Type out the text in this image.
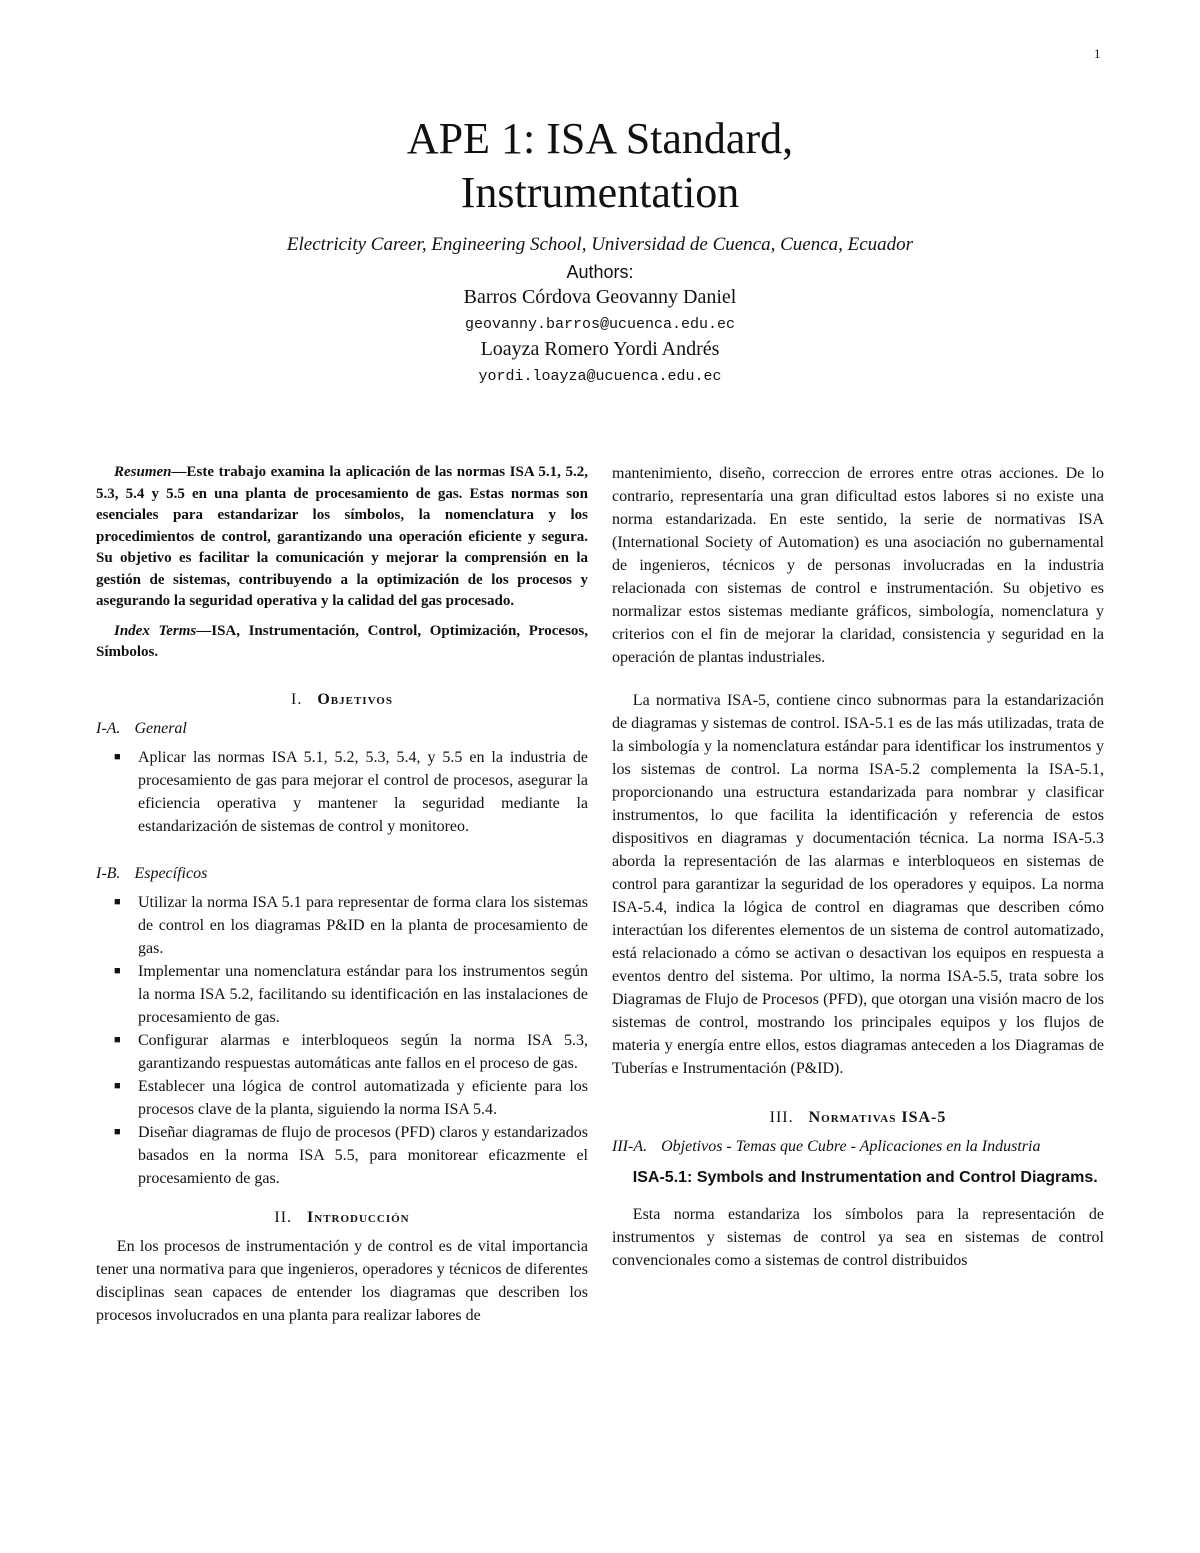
1
APE 1: ISA Standard,
Instrumentation
Electricity Career, Engineering School, Universidad de Cuenca, Cuenca, Ecuador
Authors:
Barros Córdova Geovanny Daniel
geovanny.barros@ucuenca.edu.ec
Loayza Romero Yordi Andrés
yordi.loayza@ucuenca.edu.ec

Resumen—Este trabajo examina la aplicación de las normas ISA 5.1, 5.2, 5.3, 5.4 y 5.5 en una planta de procesamiento de gas. Estas normas son esenciales para estandarizar los símbolos, la nomenclatura y los procedimientos de control, garantizando una operación eficiente y segura. Su objetivo es facilitar la comunicación y mejorar la comprensión en la gestión de sistemas, contribuyendo a la optimización de los procesos y asegurando la seguridad operativa y la calidad del gas procesado.

Index Terms—ISA, Instrumentación, Control, Optimización, Procesos, Símbolos.

I. Objetivos
I-A. General
■ Aplicar las normas ISA 5.1, 5.2, 5.3, 5.4, y 5.5 en la industria de procesamiento de gas para mejorar el control de procesos, asegurar la eficiencia operativa y mantener la seguridad mediante la estandarización de sistemas de control y monitoreo.
I-B. Específicos
■ Utilizar la norma ISA 5.1 para representar de forma clara los sistemas de control en los diagramas P&ID en la planta de procesamiento de gas.
■ Implementar una nomenclatura estándar para los instrumentos según la norma ISA 5.2, facilitando su identificación en las instalaciones de procesamiento de gas.
■ Configurar alarmas e interbloqueos según la norma ISA 5.3, garantizando respuestas automáticas ante fallos en el proceso de gas.
■ Establecer una lógica de control automatizada y eficiente para los procesos clave de la planta, siguiendo la norma ISA 5.4.
■ Diseñar diagramas de flujo de procesos (PFD) claros y estandarizados basados en la norma ISA 5.5, para monitorear eficazmente el procesamiento de gas.
II. Introducción

En los procesos de instrumentación y de control es de vital importancia tener una normativa para que ingenieros, operadores y técnicos de diferentes disciplinas sean capaces de entender los diagramas que describen los procesos involucrados en una planta para realizar labores de

mantenimiento, diseño, correccion de errores entre otras acciones. De lo contrario, representaría una gran dificultad estos labores si no existe una norma estandarizada. En este sentido, la serie de normativas ISA (International Society of Automation) es una asociación no gubernamental de ingenieros, técnicos y de personas involucradas en la industria relacionada con sistemas de control e instrumentación. Su objetivo es normalizar estos sistemas mediante gráficos, simbología, nomenclatura y criterios con el fin de mejorar la claridad, consistencia y seguridad en la operación de plantas industriales.

La normativa ISA-5, contiene cinco subnormas para la estandarización de diagramas y sistemas de control. ISA-5.1 es de las más utilizadas, trata de la simbología y la nomenclatura estándar para identificar los instrumentos y los sistemas de control. La norma ISA-5.2 complementa la ISA-5.1, proporcionando una estructura estandarizada para nombrar y clasificar instrumentos, lo que facilita la identificación y referencia de estos dispositivos en diagramas y documentación técnica. La norma ISA-5.3 aborda la representación de las alarmas e interbloqueos en sistemas de control para garantizar la seguridad de los operadores y equipos. La norma ISA-5.4, indica la lógica de control en diagramas que describen cómo interactúan los diferentes elementos de un sistema de control automatizado, está relacionado a cómo se activan o desactivan los equipos en respuesta a eventos dentro del sistema. Por ultimo, la norma ISA-5.5, trata sobre los Diagramas de Flujo de Procesos (PFD), que otorgan una visión macro de los sistemas de control, mostrando los principales equipos y los flujos de materia y energía entre ellos, estos diagramas anteceden a los Diagramas de Tuberías e Instrumentación (P&ID).

III. Normativas ISA-5
III-A. Objetivos - Temas que Cubre - Aplicaciones en la Industria

ISA-5.1: Symbols and Instrumentation and Control Diagrams.

Esta norma estandariza los símbolos para la representación de instrumentos y sistemas de control ya sea en sistemas de control convencionales como a sistemas de control distribuidos
